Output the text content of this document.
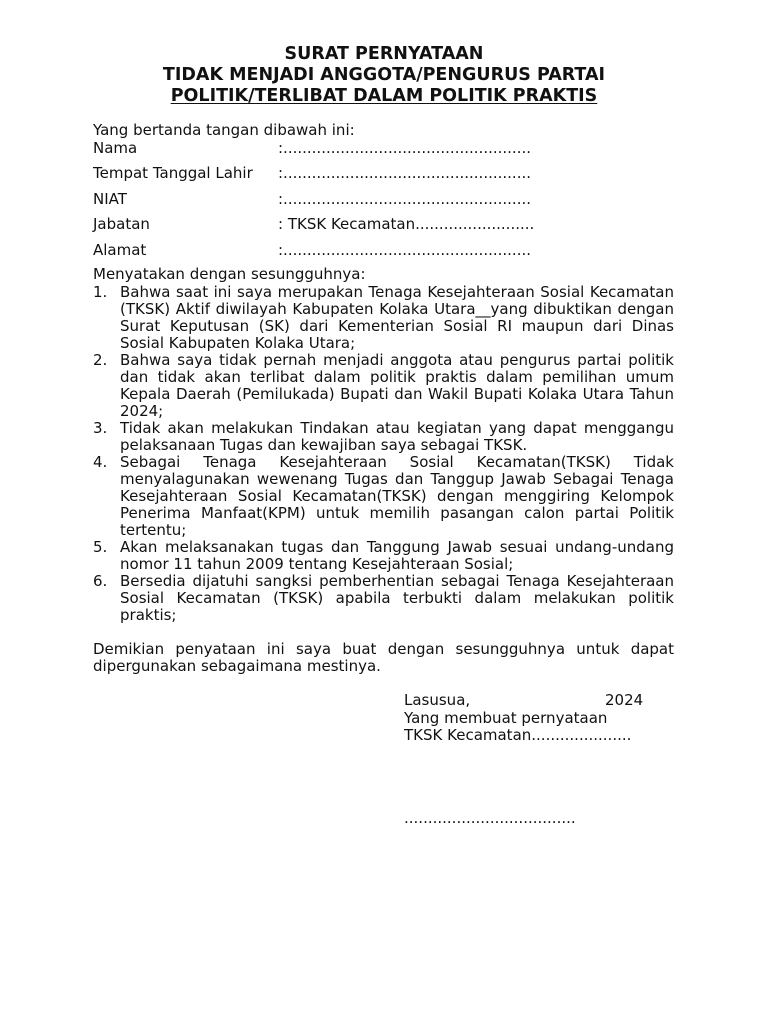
SURAT PERNYATAAN
TIDAK MENJADI ANGGOTA/PENGURUS PARTAI
POLITIK/TERLIBAT DALAM POLITIK PRAKTIS
Yang bertanda tangan dibawah ini:
Nama	:....................................................
Tempat Tanggal Lahir :....................................................
NIAT	:....................................................
Jabatan	: TKSK Kecamatan.........................
Alamat	:....................................................
Menyatakan dengan sesungguhnya:
1. Bahwa saat ini saya merupakan Tenaga Kesejahteraan Sosial Kecamatan (TKSK) Aktif diwilayah Kabupaten Kolaka Utara__yang dibuktikan dengan Surat Keputusan (SK) dari Kementerian Sosial RI maupun dari Dinas Sosial Kabupaten Kolaka Utara;
2. Bahwa saya tidak pernah menjadi anggota atau pengurus partai politik dan tidak akan terlibat dalam politik praktis dalam pemilihan umum Kepala Daerah (Pemilukada) Bupati dan Wakil Bupati Kolaka Utara Tahun 2024;
3. Tidak akan melakukan Tindakan atau kegiatan yang dapat menggangu pelaksanaan Tugas dan kewajiban saya sebagai TKSK.
4. Sebagai Tenaga Kesejahteraan Sosial Kecamatan(TKSK) Tidak menyalagunakan wewenang Tugas dan Tanggup Jawab Sebagai Tenaga Kesejahteraan Sosial Kecamatan(TKSK) dengan menggiring Kelompok Penerima Manfaat(KPM) untuk memilih pasangan calon partai Politik tertentu;
5. Akan melaksanakan tugas dan Tanggung Jawab sesuai undang-undang nomor 11 tahun 2009 tentang Kesejahteraan Sosial;
6. Bersedia dijatuhi sangksi pemberhentian sebagai Tenaga Kesejahteraan Sosial Kecamatan (TKSK) apabila terbukti dalam melakukan politik praktis;
Demikian penyataan ini saya buat dengan sesungguhnya untuk dapat dipergunakan sebagaimana mestinya.
Lasusua,	2024
Yang membuat pernyataan
TKSK Kecamatan.....................
....................................
